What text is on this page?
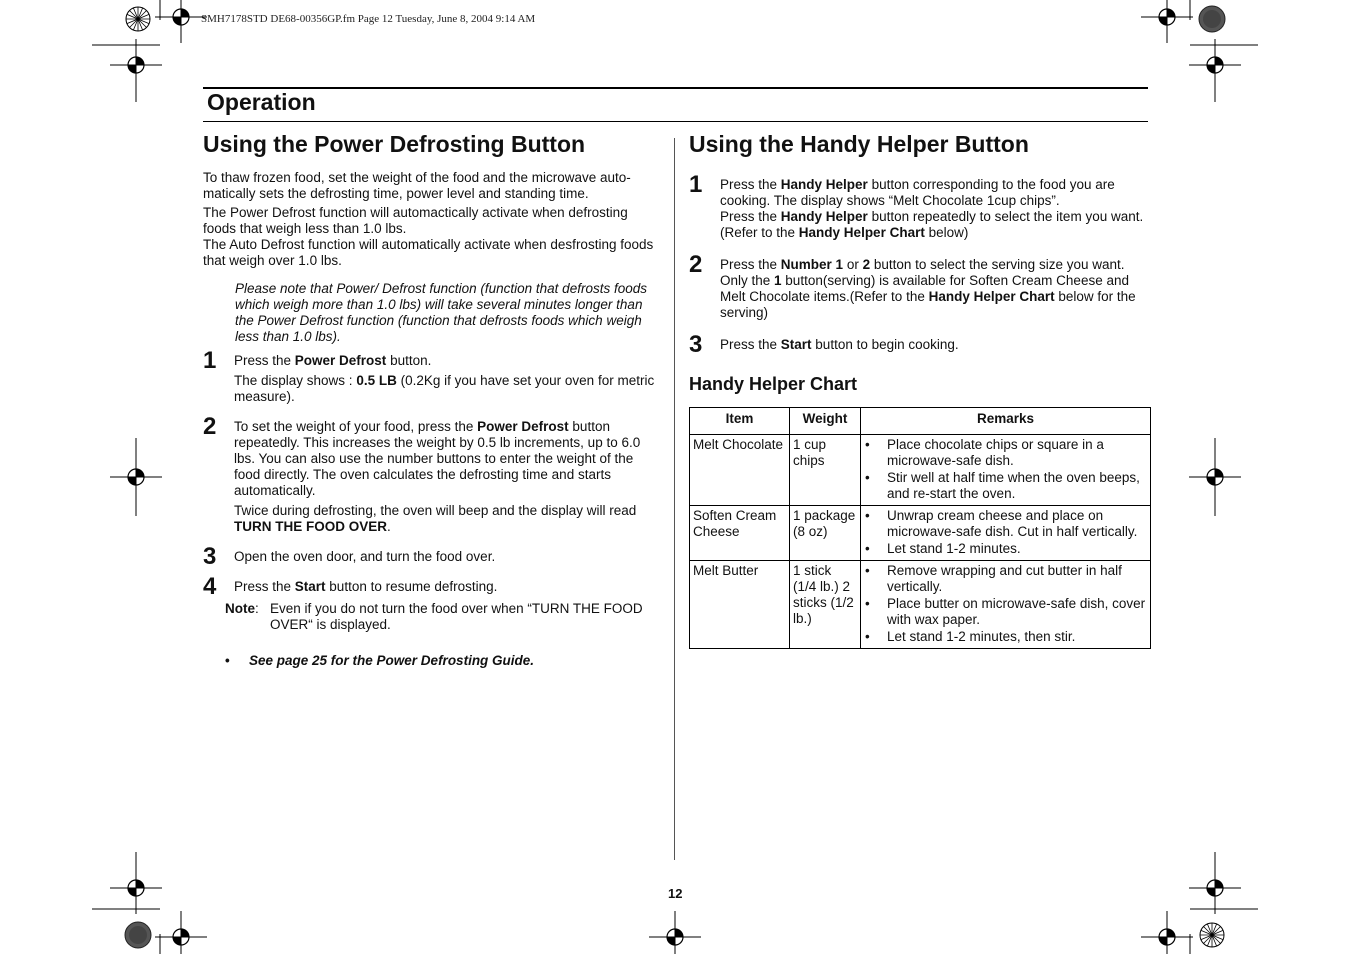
SMH7178STD DE68-00356GP.fm Page 12 Tuesday, June 8, 2004 9:14 AM
Operation
Using the Power Defrosting Button

To thaw frozen food, set the weight of the food and the microwave auto-matically sets the defrosting time, power level and standing time.

The Power Defrost function will automactically activate when defrosting foods that weigh less than 1.0 lbs.

The Auto Defrost function will automatically activate when desfrosting foods that weigh over 1.0 lbs.

Please note that Power/ Defrost function (function that defrosts foods which weigh more than 1.0 lbs) will take several minutes longer than the Power Defrost function (function that defrosts foods which weigh less than 1.0 lbs).

1 Press the Power Defrost button.

The display shows : 0.5 LB (0.2Kg if you have set your oven for metric measure).

2 To set the weight of your food, press the Power Defrost button repeatedly. This increases the weight by 0.5 lb increments, up to 6.0 lbs. You can also use the number buttons to enter the weight of the food directly. The oven calculates the defrosting time and starts automatically.

Twice during defrosting, the oven will beep and the display will read TURN THE FOOD OVER.

3 Open the oven door, and turn the food over.

4 Press the Start button to resume defrosting.

Note: Even if you do not turn the food over when “TURN THE FOOD OVER“ is displayed.

• See page 25 for the Power Defrosting Guide.

Using the Handy Helper Button
1 Press the Handy Helper button corresponding to the food you are cooking. The display shows “Melt Chocolate 1cup chips”.

Press the Handy Helper button repeatedly to select the item you want.(Refer to the Handy Helper Chart below)

2 Press the Number 1 or 2 button to select the serving size you want. Only the 1 button(serving) is available for Soften Cream Cheese and Melt Chocolate items.(Refer to the Handy Helper Chart below for the serving)

3 Press the Start button to begin cooking.

Handy Helper Chart
Item	Weight	Remarks
Melt Chocolate	1 cup chips	• Place chocolate chips or square in a microwave-safe dish.
• Stir well at half time when the oven beeps, and re-start the oven.

Soften Cream Cheese	1 package (8 oz)	• Unwrap cream cheese and place on microwave-safe dish. Cut in half vertically.
• Let stand 1-2 minutes.

Melt Butter	1 stick (1/4 lb.) 2 sticks (1/2 lb.)	• Remove wrapping and cut butter in half vertically.
• Place butter on microwave-safe dish, cover with wax paper.
• Let stand 1-2 minutes, then stir.
12
